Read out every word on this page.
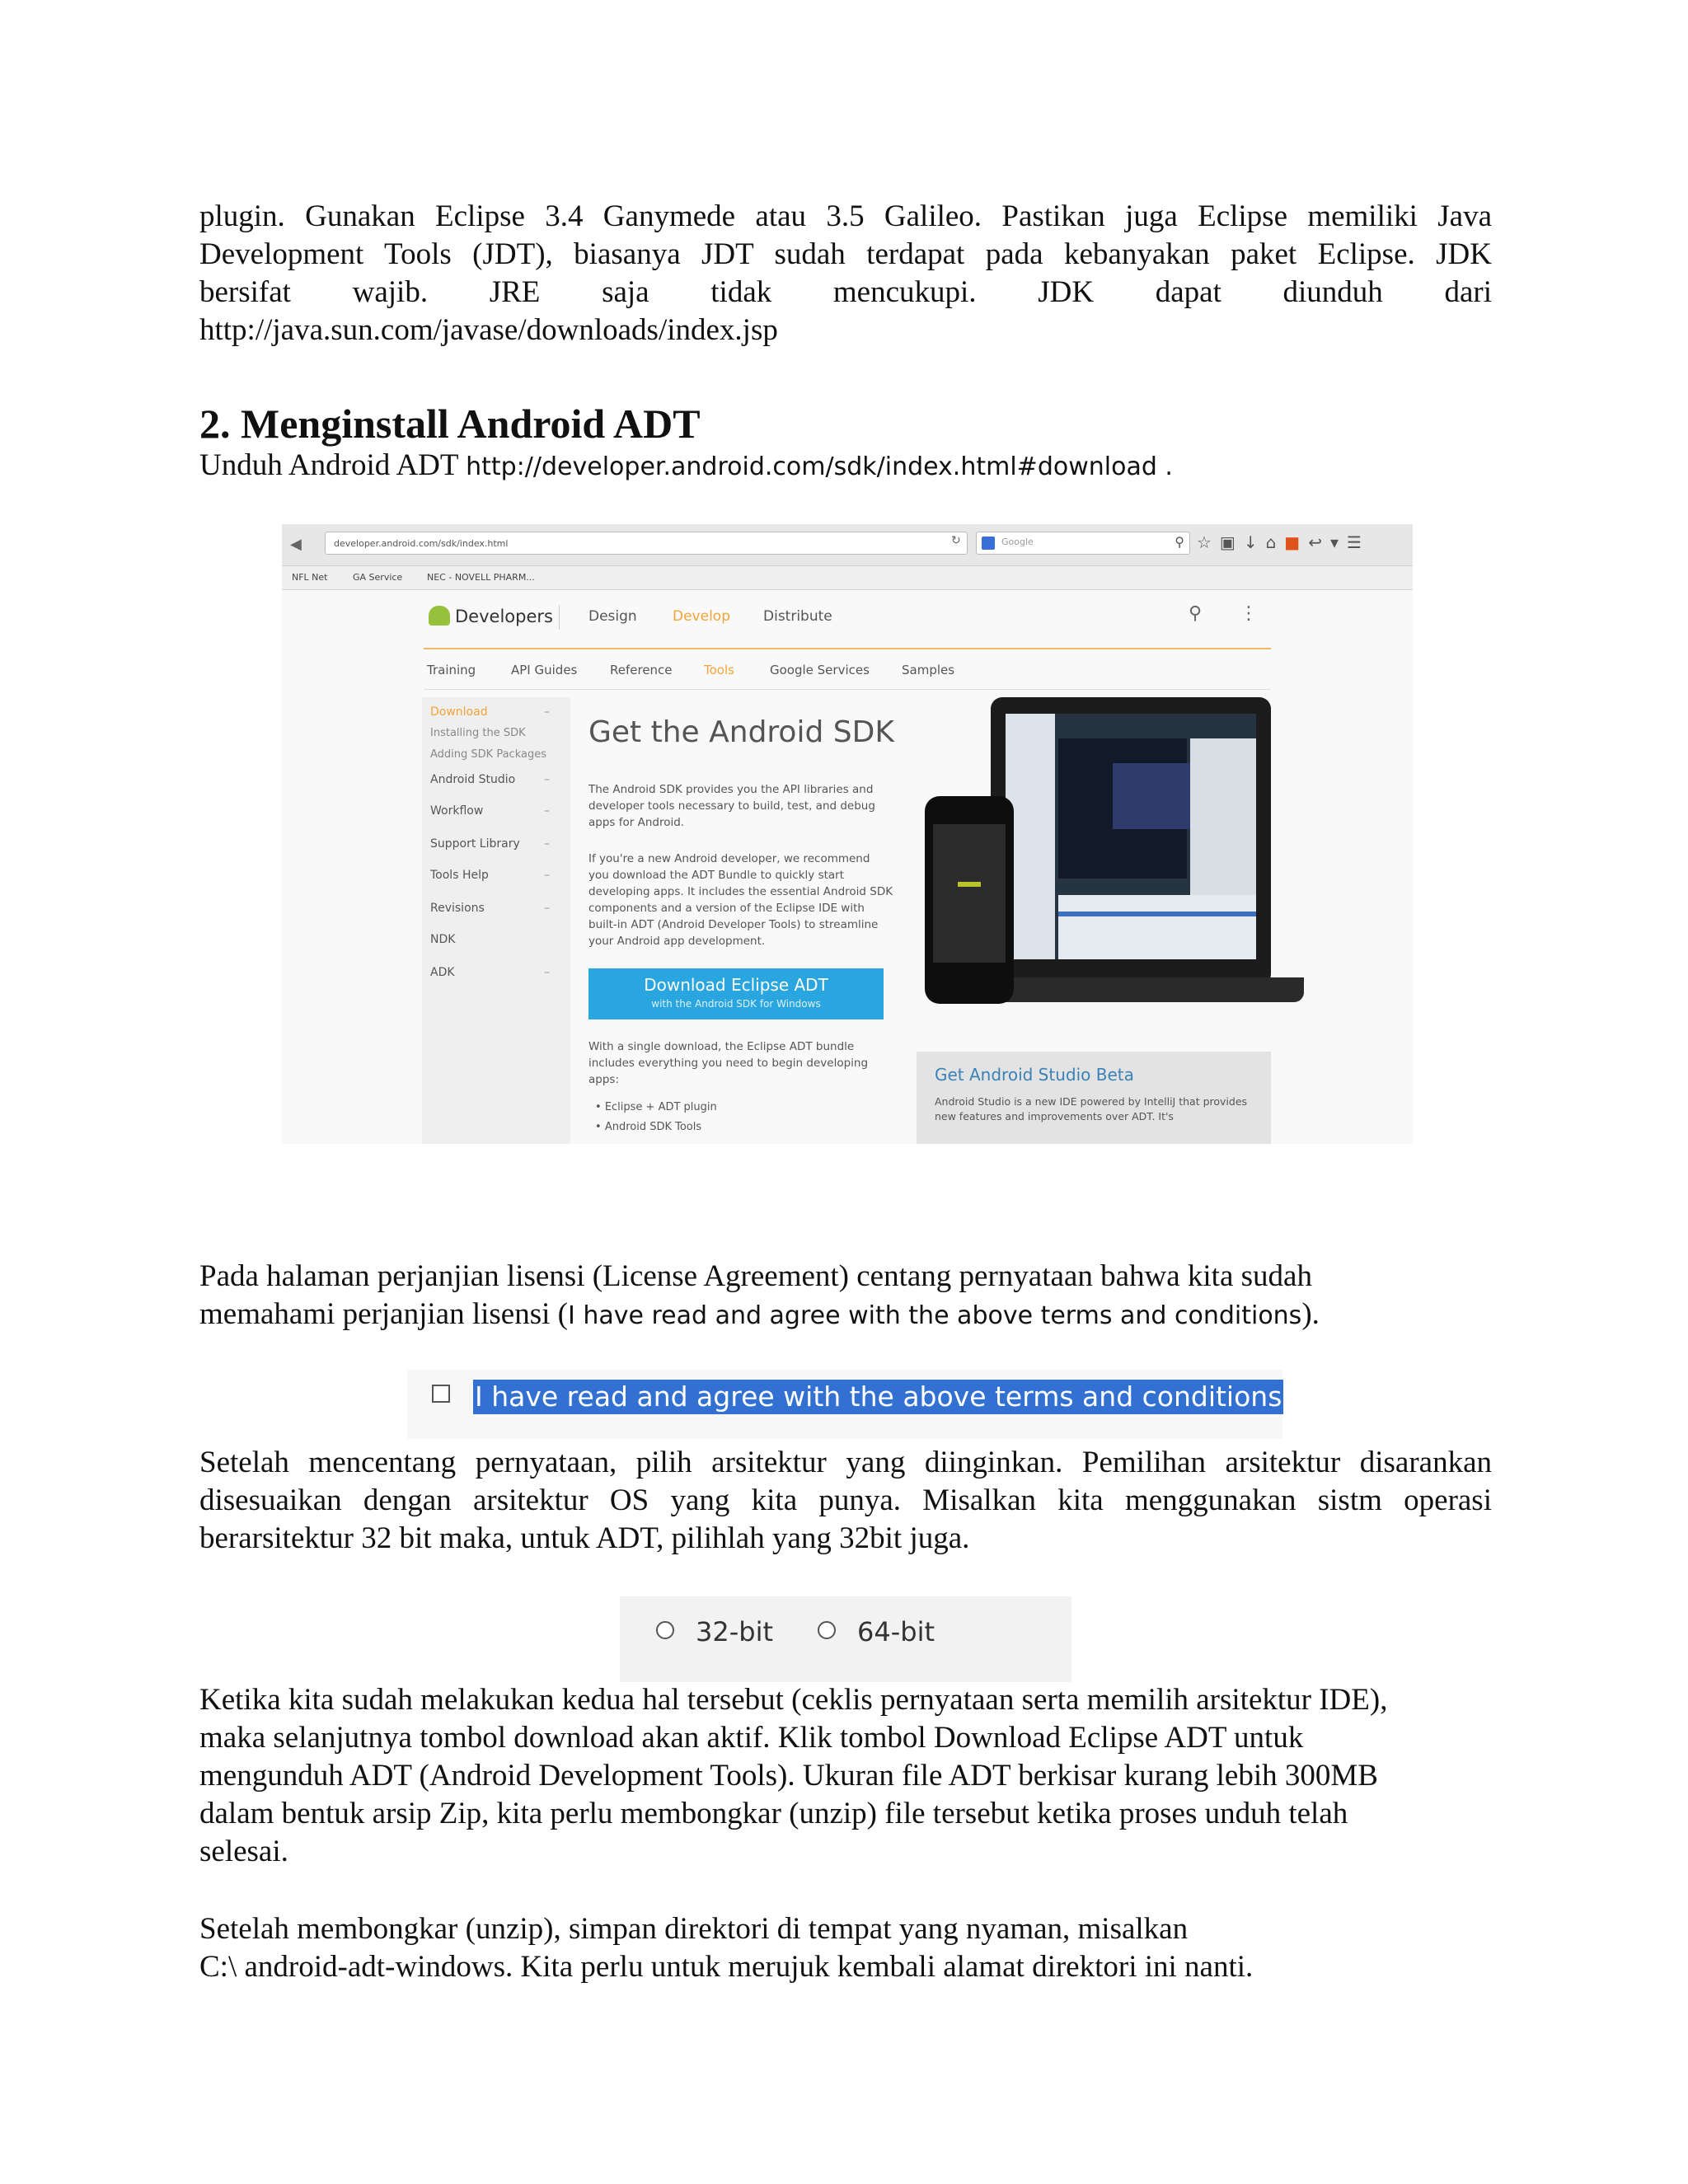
plugin. Gunakan Eclipse 3.4 Ganymede atau 3.5 Galileo. Pastikan juga Eclipse memiliki Java
Development Tools (JDT), biasanya JDT sudah terdapat pada kebanyakan paket Eclipse. JDK
bersifat wajib. JRE saja tidak mencukupi. JDK dapat diunduh dari
http://java.sun.com/javase/downloads/index.jsp
2. Menginstall Android ADT
Unduh Android ADT http://developer.android.com/sdk/index.html#download .
◀	developer.android.com/sdk/index.html	↻	Google	⚲ ☆▣↓⌂■↩▾☰
NFL Net	GA Service	NEC - NOVELL PHARM...
Developers	Design	Develop Distribute	⚲ ⋮
Training	API Guides	Reference	Tools	Google Services	Samples
Download	–
Installing the SDK
Adding SDK Packages
Android Studio –
Workflow	–
Support Library –
Tools Help	–
Revisions	–
NDK
ADK	–
Get the Android SDK

The Android SDK provides you the API libraries and developer tools necessary to build, test, and debug apps for Android.

If you're a new Android developer, we recommend you download the ADT Bundle to quickly start developing apps. It includes the essential Android SDK components and a version of the Eclipse IDE with built-in ADT (Android Developer Tools) to streamline your Android app development.

Download Eclipse ADT
with the Android SDK for Windows

With a single download, the Eclipse ADT bundle includes everything you need to begin developing apps:

• Eclipse + ADT plugin
• Android SDK Tools
Get Android Studio Beta

Android Studio is a new IDE powered by IntelliJ that provides new features and improvements over ADT. It's

Pada halaman perjanjian lisensi (License Agreement) centang pernyataan bahwa kita sudah
memahami perjanjian lisensi (I have read and agree with the above terms and conditions).
I have read and agree with the above terms and conditions
Setelah mencentang pernyataan, pilih arsitektur yang diinginkan. Pemilihan arsitektur disarankan
disesuaikan dengan arsitektur OS yang kita punya. Misalkan kita menggunakan sistm operasi
berarsitektur 32 bit maka, untuk ADT, pilihlah yang 32bit juga.
32-bit	64-bit
Ketika kita sudah melakukan kedua hal tersebut (ceklis pernyataan serta memilih arsitektur IDE),
maka selanjutnya tombol download akan aktif. Klik tombol Download Eclipse ADT untuk
mengunduh ADT (Android Development Tools). Ukuran file ADT berkisar kurang lebih 300MB
dalam bentuk arsip Zip, kita perlu membongkar (unzip) file tersebut ketika proses unduh telah
selesai.
Setelah membongkar (unzip), simpan direktori di tempat yang nyaman, misalkan
C:\ android-adt-windows. Kita perlu untuk merujuk kembali alamat direktori ini nanti.
